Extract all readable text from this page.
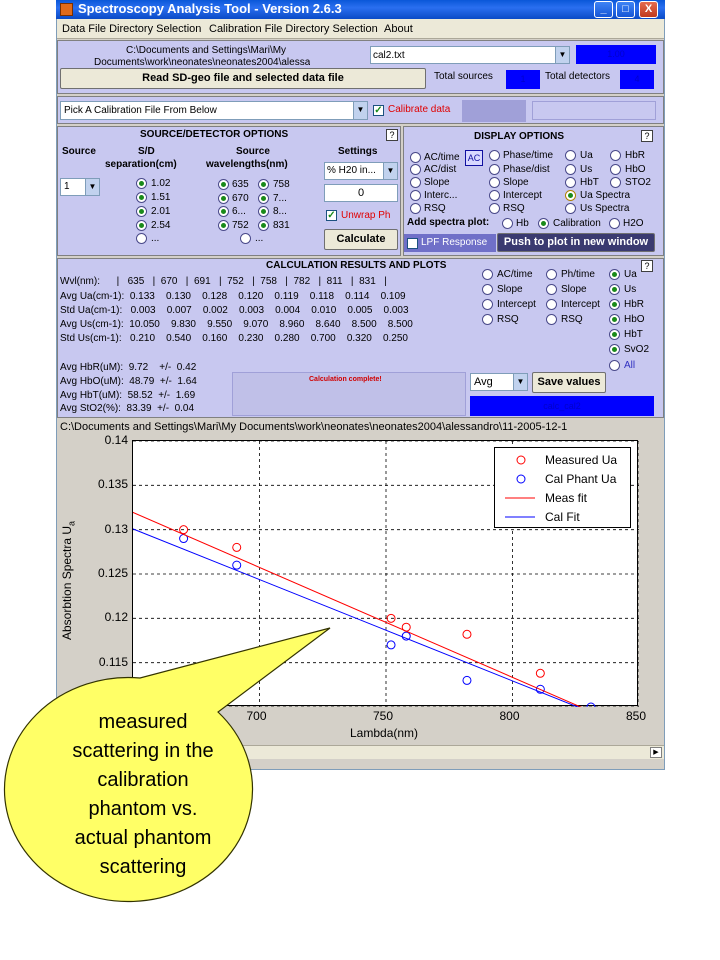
Spectroscopy Analysis Tool - Version 2.6.3	_	□	X
Data File Directory Selection Calibration File Directory Selection About
C:\Documents and Settings\Mari\My
Documents\work\neonates\neonates2004\alessa
cal2.txt	▼	1.00
Read SD-geo file and selected data file	Total sources	1	Total detectors	4
Pick A Calibration File From Below	▼ ✓ Calibrate data
SOURCE/DETECTOR OPTIONS	?
Source	S/D
separation(cm)
Source
wavelengths(nm)
Settings
1	▼	1.02
1.51
2.01
2.54
...
635
670
6...
752
758
7...
8...
831
...
% H20 in...	▼
0
✓ Unwrap Ph
Calculate
DISPLAY OPTIONS	?
AC/time AC
AC/dist
Slope
Interc...
RSQ
Phase/time
Phase/dist
Slope
Intercept
RSQ
Ua
Us
HbT
Ua Spectra
Us Spectra
HbR
HbO
STO2
Add spectra plot:	Hb Calibration H2O
LPF Response	Push to plot in new window
CALCULATION RESULTS AND PLOTS	?
Wvl(nm):      |   635   |  670   |  691   |  752   |  758   |  782   |  811   |  831   |
Avg Ua(cm-1):  0.133    0.130    0.128    0.120    0.119    0.118    0.114    0.109
Std Ua(cm-1):   0.003    0.007    0.002    0.003    0.004    0.010    0.005    0.003
Avg Us(cm-1):  10.050    9.830    9.550    9.070    8.960    8.640    8.500    8.500
Std Us(cm-1):   0.210    0.540    0.160    0.230    0.280    0.700    0.320    0.250
Avg HbR(uM):  9.72    +/-  0.42
Avg HbO(uM):  48.79  +/-  1.64
Avg HbT(uM):  58.52  +/-  1.69
Avg StO2(%):  83.39  +/-  0.04
Calculation complete!
AC/time
Slope
Intercept
RSQ
Ph/time
Slope
Intercept
RSQ
Ua
Us
HbR
HbO
HbT
SvO2
All
Avg	▼	Save values
calc_cal2
C:\Documents and Settings\Mari\My Documents\work\neonates\neonates2004\alessandro\11-2005-12-1
▶
0.115
0.12
0.125
0.13
0.135
0.14
700	750	800	850
Absorbtion Spectra $U_a$
Lambda(nm)
Measured Ua
Cal Phant Ua
Meas fit
Cal Fit
measured
scattering in the
calibration
phantom vs.
actual phantom
scattering
